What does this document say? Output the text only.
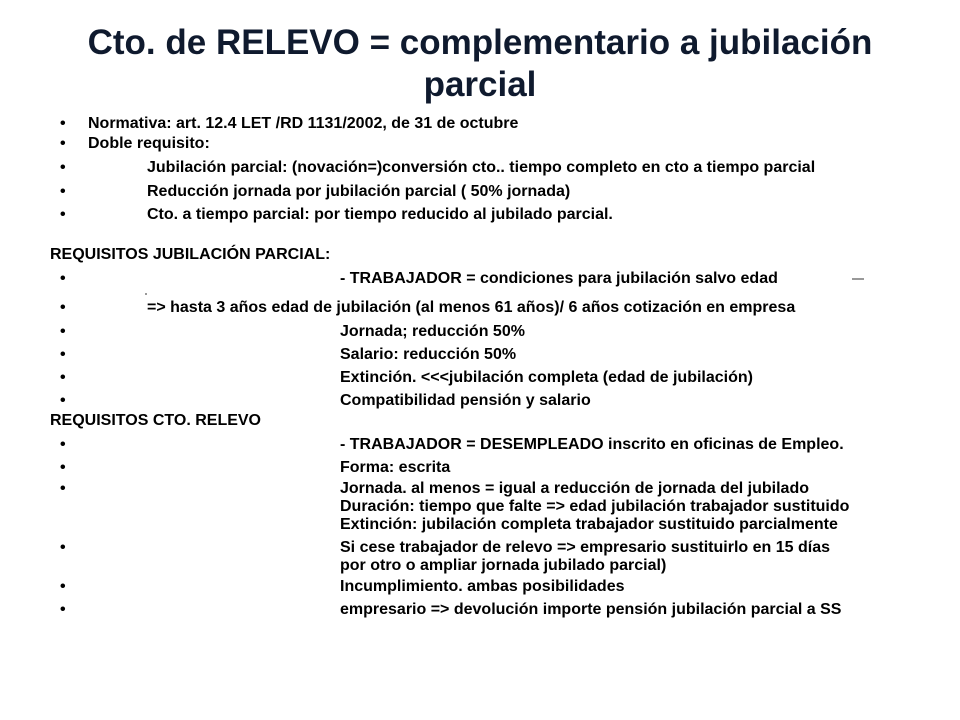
Cto. de RELEVO = complementario a jubilación
parcial
• Normativa: art. 12.4 LET /RD 1131/2002, de 31 de octubre
• Doble requisito:
•	Jubilación parcial: (novación=)conversión cto.. tiempo completo en cto a tiempo parcial
•	Reducción jornada por jubilación parcial ( 50% jornada)
•	Cto. a tiempo parcial: por tiempo reducido al jubilado parcial.
REQUISITOS JUBILACIÓN PARCIAL:
•	- TRABAJADOR = condiciones para jubilación salvo edad
•	=> hasta 3 años edad de jubilación (al menos 61 años)/ 6 años cotización en empresa
•	Jornada; reducción 50%
•	Salario: reducción 50%
•	Extinción. <<<jubilación completa (edad de jubilación)
•	Compatibilidad pensión y salario
REQUISITOS CTO. RELEVO
•	- TRABAJADOR = DESEMPLEADO inscrito en oficinas de Empleo.
•	Forma: escrita
•	Jornada. al menos = igual a reducción de jornada del jubilado
Duración: tiempo que falte => edad jubilación trabajador sustituido
Extinción: jubilación completa trabajador sustituido parcialmente
•	Si cese trabajador de relevo => empresario sustituirlo en 15 días
por otro o ampliar jornada jubilado parcial)
•	Incumplimiento. ambas posibilidades
•	empresario => devolución importe pensión jubilación parcial a SS
